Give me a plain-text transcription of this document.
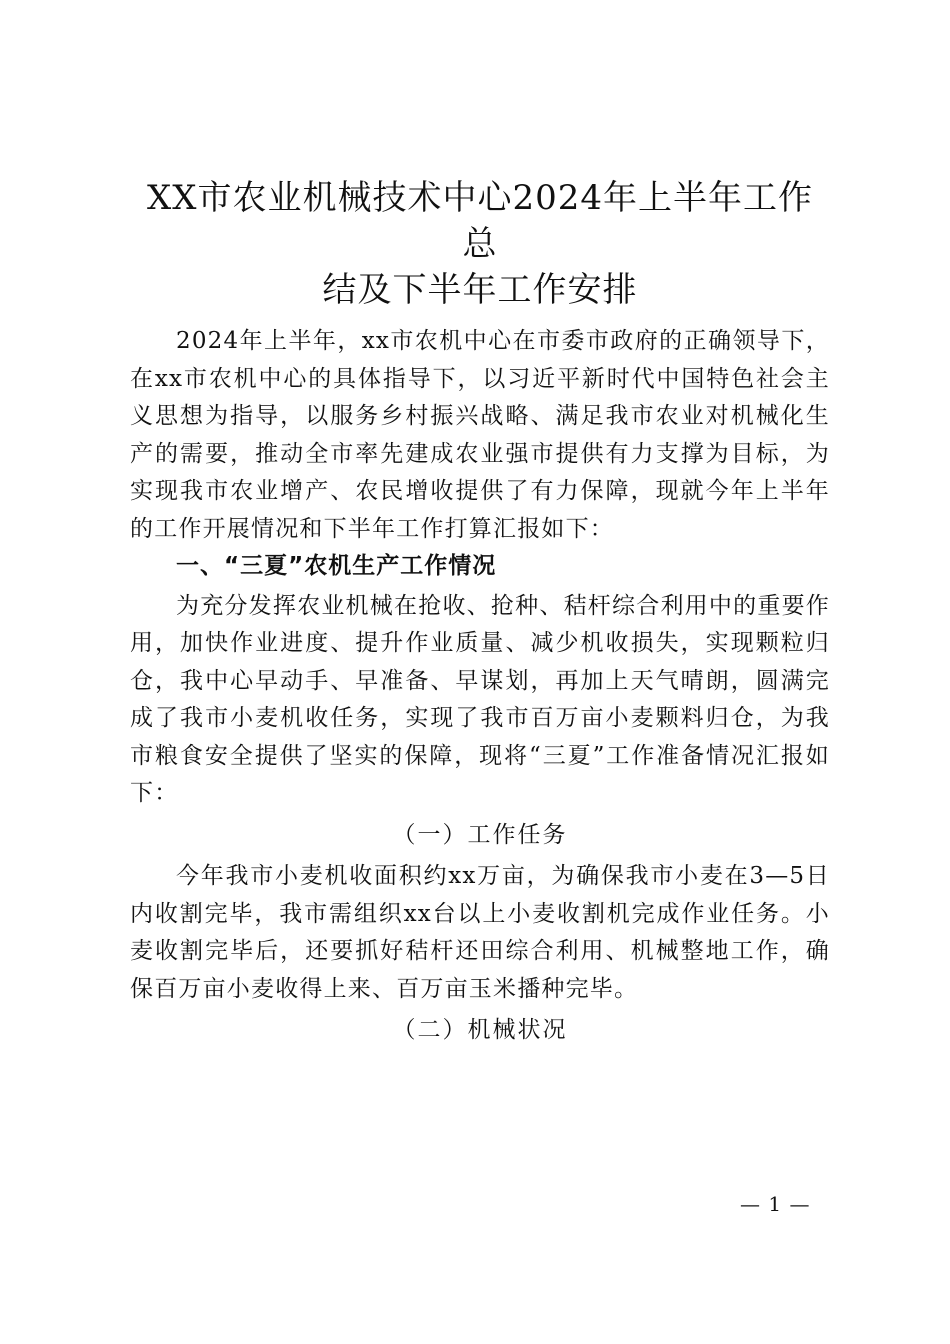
XX市农业机械技术中心2024年上半年工作总
结及下半年工作安排

2024年上半年，xx市农机中心在市委市政府的正确领导下，在xx市农机中心的具体指导下，以习近平新时代中国特色社会主义思想为指导，以服务乡村振兴战略、满足我市农业对机械化生产的需要，推动全市率先建成农业强市提供有力支撑为目标，为实现我市农业增产、农民增收提供了有力保障，现就今年上半年的工作开展情况和下半年工作打算汇报如下：

一、“三夏”农机生产工作情况

为充分发挥农业机械在抢收、抢种、秸杆综合利用中的重要作用，加快作业进度、提升作业质量、减少机收损失，实现颗粒归仓，我中心早动手、早准备、早谋划，再加上天气晴朗，圆满完成了我市小麦机收任务，实现了我市百万亩小麦颗料归仓，为我市粮食安全提供了坚实的保障，现将“三夏”工作准备情况汇报如下：

（一）工作任务

今年我市小麦机收面积约xx万亩，为确保我市小麦在3—5日内收割完毕，我市需组织xx台以上小麦收割机完成作业任务。小麦收割完毕后，还要抓好秸杆还田综合利用、机械整地工作，确保百万亩小麦收得上来、百万亩玉米播种完毕。

（二）机械状况

— 1 —
